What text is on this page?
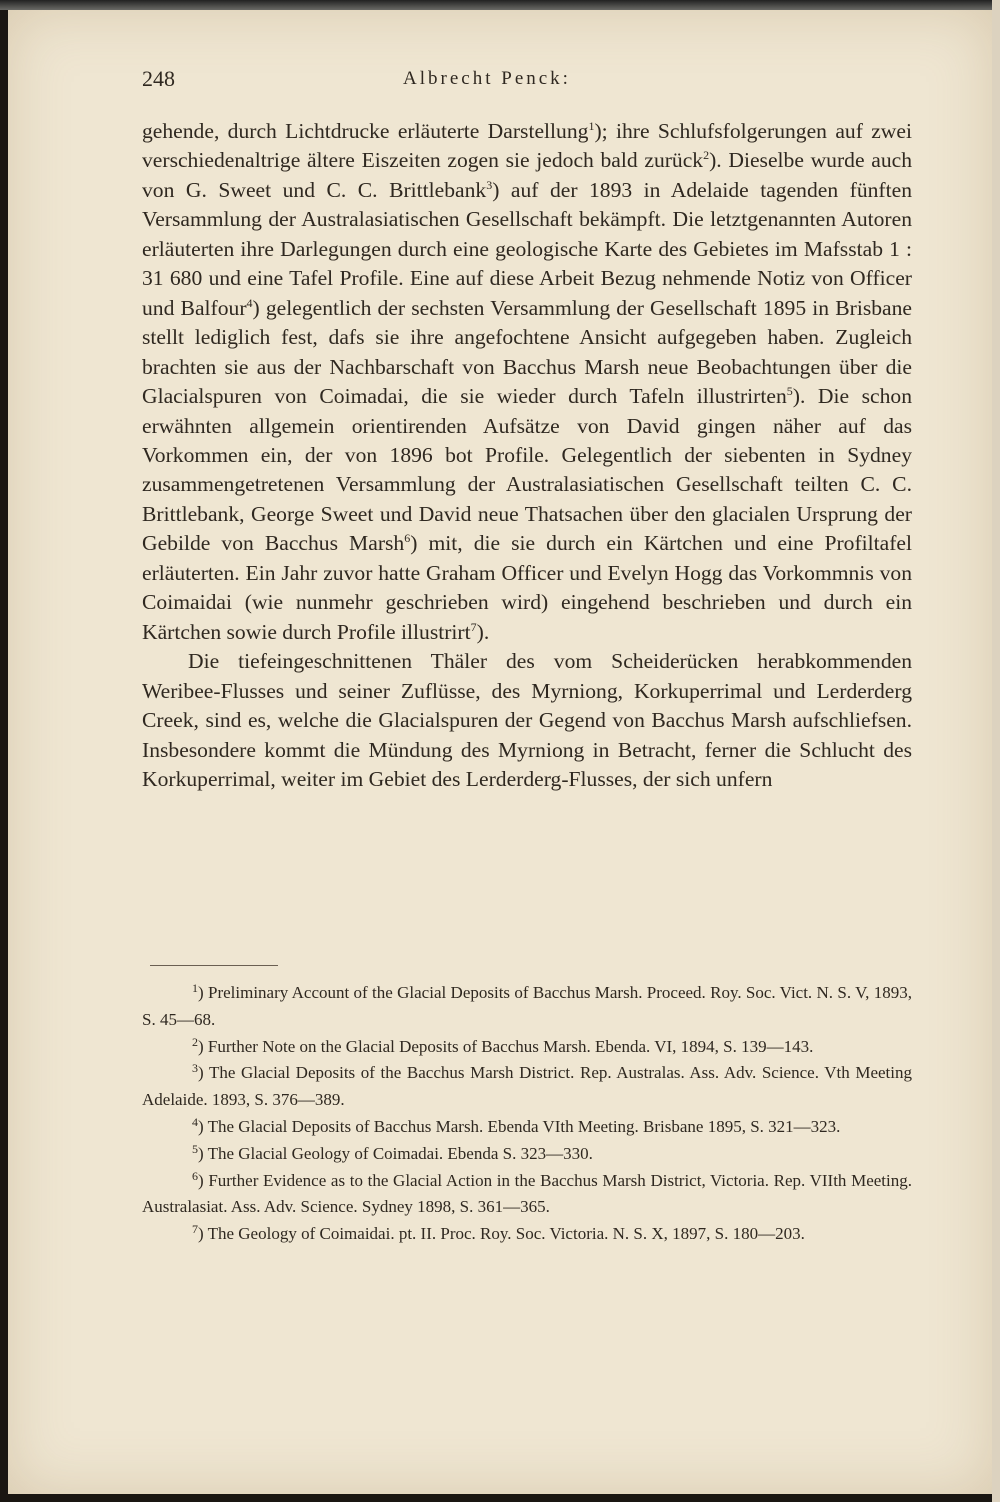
248	Albrecht Penck:

gehende, durch Lichtdrucke erläuterte Darstellung$^1$); ihre Schlufsfolgerungen auf zwei verschiedenaltrige ältere Eiszeiten zogen sie jedoch bald zurück$^2$). Dieselbe wurde auch von G. Sweet und C. C. Brittlebank$^3$) auf der 1893 in Adelaide tagenden fünften Versammlung der Australasiatischen Gesellschaft bekämpft. Die letztgenannten Autoren erläuterten ihre Darlegungen durch eine geologische Karte des Gebietes im Mafsstab 1 : 31 680 und eine Tafel Profile. Eine auf diese Arbeit Bezug nehmende Notiz von Officer und Balfour$^4$) gelegentlich der sechsten Versammlung der Gesellschaft 1895 in Brisbane stellt lediglich fest, dafs sie ihre angefochtene Ansicht aufgegeben haben. Zugleich brachten sie aus der Nachbarschaft von Bacchus Marsh neue Beobachtungen über die Glacialspuren von Coimadai, die sie wieder durch Tafeln illustrirten$^5$). Die schon erwähnten allgemein orientirenden Aufsätze von David gingen näher auf das Vorkommen ein, der von 1896 bot Profile. Gelegentlich der siebenten in Sydney zusammengetretenen Versammlung der Australasiatischen Gesellschaft teilten C. C. Brittlebank, George Sweet und David neue Thatsachen über den glacialen Ursprung der Gebilde von Bacchus Marsh$^6$) mit, die sie durch ein Kärtchen und eine Profiltafel erläuterten. Ein Jahr zuvor hatte Graham Officer und Evelyn Hogg das Vorkommnis von Coimaidai (wie nunmehr geschrieben wird) eingehend beschrieben und durch ein Kärtchen sowie durch Profile illustrirt$^7$).

Die tiefeingeschnittenen Thäler des vom Scheiderücken herabkommenden Weribee-Flusses und seiner Zuflüsse, des Myrniong, Korkuperrimal und Lerderderg Creek, sind es, welche die Glacialspuren der Gegend von Bacchus Marsh aufschliefsen. Insbesondere kommt die Mündung des Myrniong in Betracht, ferner die Schlucht des Korkuperrimal, weiter im Gebiet des Lerderderg-Flusses, der sich unfern

$^1$) Preliminary Account of the Glacial Deposits of Bacchus Marsh. Proceed. Roy. Soc. Vict. N. S. V, 1893, S. 45—68.

$^2$) Further Note on the Glacial Deposits of Bacchus Marsh. Ebenda. VI, 1894, S. 139—143.

$^3$) The Glacial Deposits of the Bacchus Marsh District. Rep. Australas. Ass. Adv. Science. Vth Meeting Adelaide. 1893, S. 376—389.

$^4$) The Glacial Deposits of Bacchus Marsh. Ebenda VIth Meeting. Brisbane 1895, S. 321—323.

$^5$) The Glacial Geology of Coimadai. Ebenda S. 323—330.

$^6$) Further Evidence as to the Glacial Action in the Bacchus Marsh District, Victoria. Rep. VIIth Meeting. Australasiat. Ass. Adv. Science. Sydney 1898, S. 361—365.

$^7$) The Geology of Coimaidai. pt. II. Proc. Roy. Soc. Victoria. N. S. X, 1897, S. 180—203.
